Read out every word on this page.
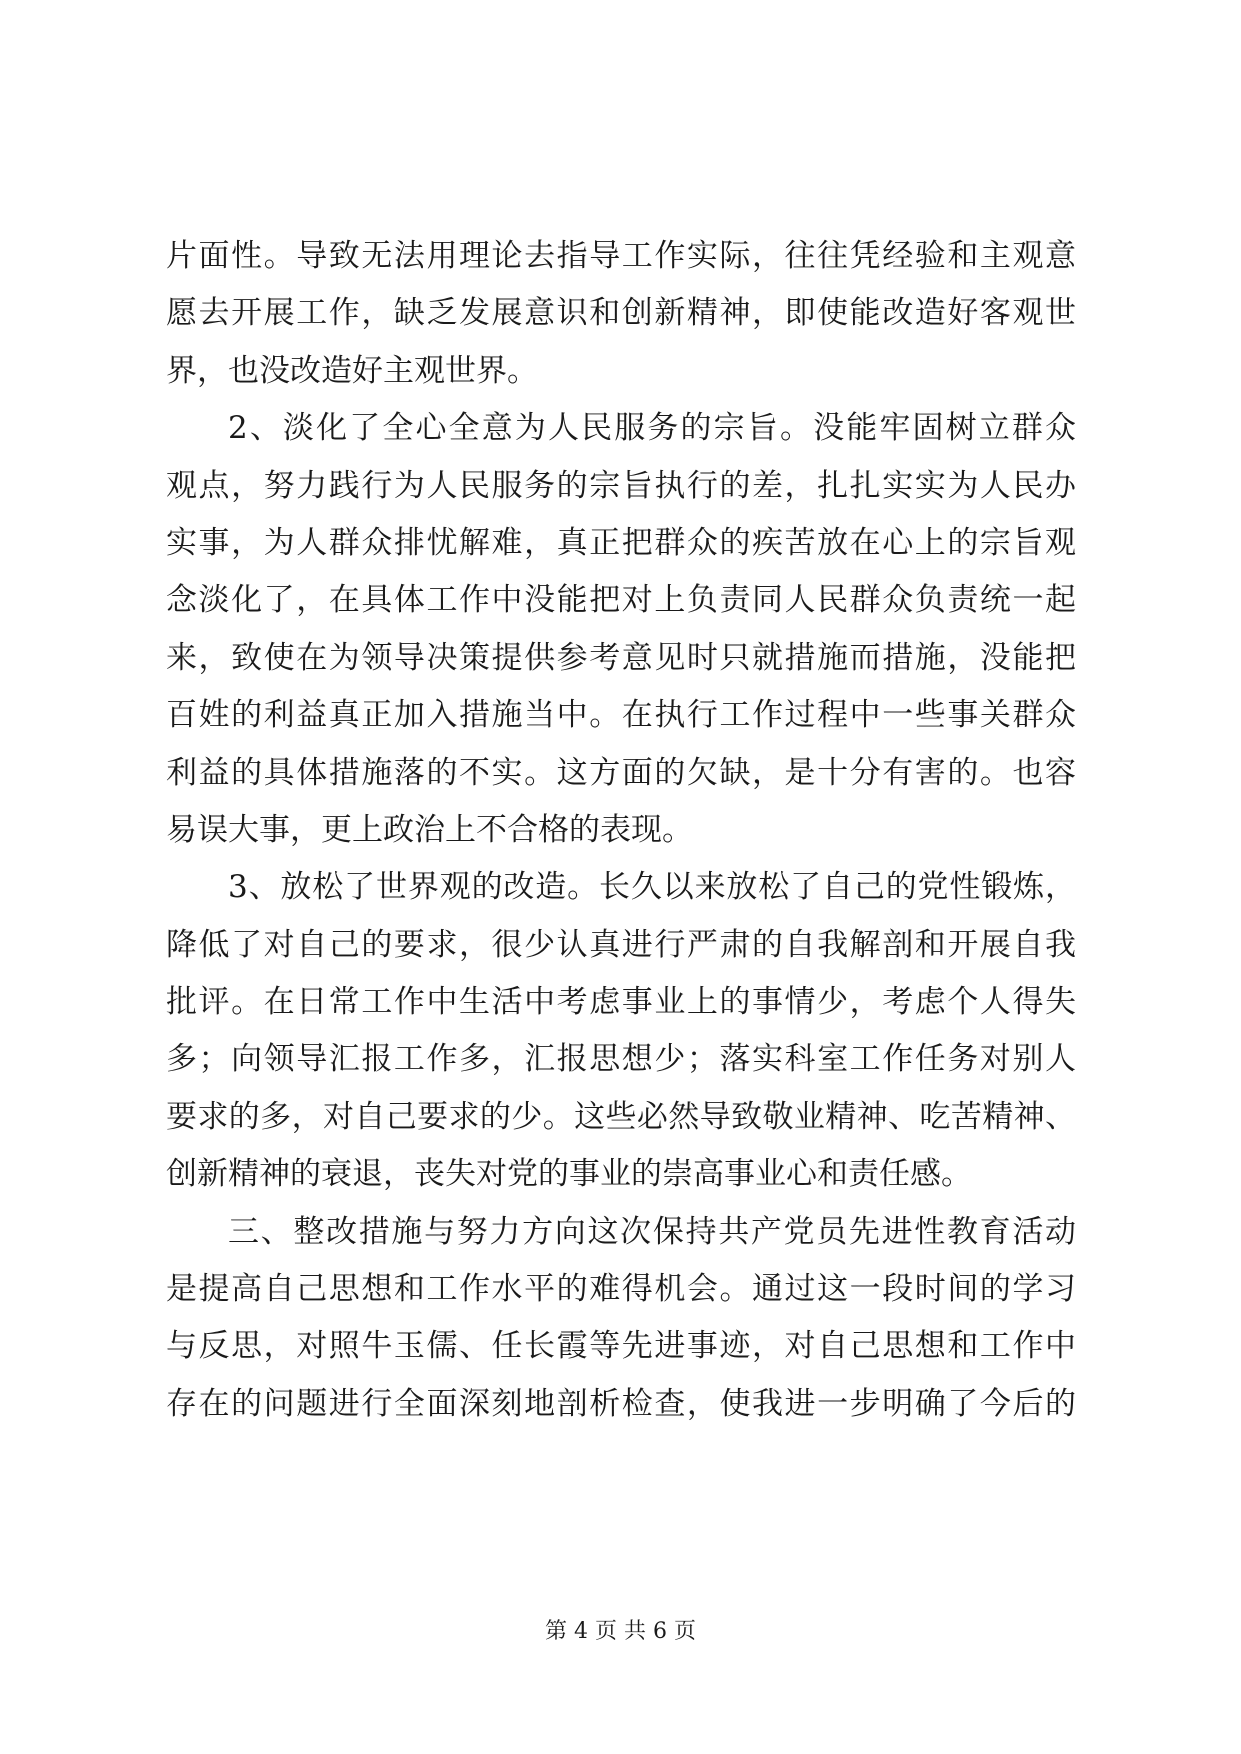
片面性。导致无法用理论去指导工作实际，往往凭经验和主观意
愿去开展工作，缺乏发展意识和创新精神，即使能改造好客观世
界，也没改造好主观世界。
2、淡化了全心全意为人民服务的宗旨。没能牢固树立群众
观点，努力践行为人民服务的宗旨执行的差，扎扎实实为人民办
实事，为人群众排忧解难，真正把群众的疾苦放在心上的宗旨观
念淡化了，在具体工作中没能把对上负责同人民群众负责统一起
来，致使在为领导决策提供参考意见时只就措施而措施，没能把
百姓的利益真正加入措施当中。在执行工作过程中一些事关群众
利益的具体措施落的不实。这方面的欠缺，是十分有害的。也容
易误大事，更上政治上不合格的表现。
3、放松了世界观的改造。长久以来放松了自己的党性锻炼，
降低了对自己的要求，很少认真进行严肃的自我解剖和开展自我
批评。在日常工作中生活中考虑事业上的事情少，考虑个人得失
多；向领导汇报工作多，汇报思想少；落实科室工作任务对别人
要求的多，对自己要求的少。这些必然导致敬业精神、吃苦精神、
创新精神的衰退，丧失对党的事业的崇高事业心和责任感。
三、整改措施与努力方向这次保持共产党员先进性教育活动
是提高自己思想和工作水平的难得机会。通过这一段时间的学习
与反思，对照牛玉儒、任长霞等先进事迹，对自己思想和工作中
存在的问题进行全面深刻地剖析检查，使我进一步明确了今后的
第 4 页 共 6 页
